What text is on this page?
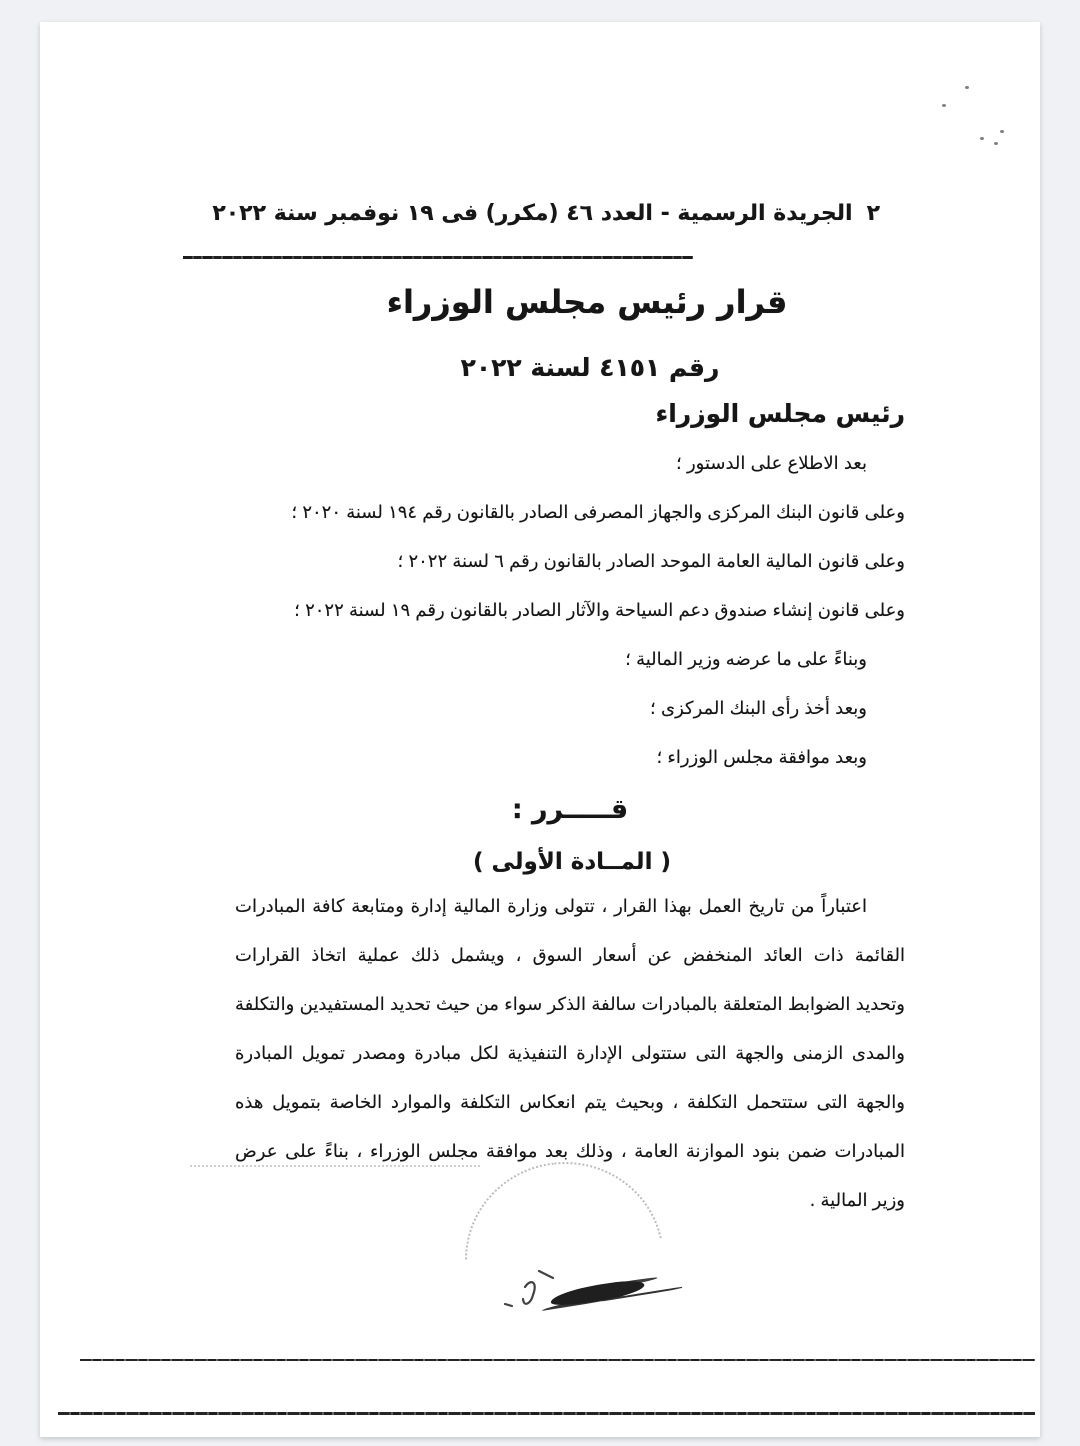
٢
الجريدة الرسمية - العدد ٤٦ (مكرر) فى ١٩ نوفمبر سنة ٢٠٢٢
قرار رئيس مجلس الوزراء
رقم ٤١٥١ لسنة ٢٠٢٢
رئيس مجلس الوزراء
بعد الاطلاع على الدستور ؛
وعلى قانون البنك المركزى والجهاز المصرفى الصادر بالقانون رقم ١٩٤ لسنة ٢٠٢٠ ؛
وعلى قانون المالية العامة الموحد الصادر بالقانون رقم ٦ لسنة ٢٠٢٢ ؛
وعلى قانون إنشاء صندوق دعم السياحة والآثار الصادر بالقانون رقم ١٩ لسنة ٢٠٢٢ ؛
وبناءً على ما عرضه وزير المالية ؛
وبعد أخذ رأى البنك المركزى ؛
وبعد موافقة مجلس الوزراء ؛
قـــــرر :
( المــادة الأولى )
اعتباراً من تاريخ العمل بهذا القرار ، تتولى وزارة المالية إدارة ومتابعة كافة المبادرات
القائمة ذات العائد المنخفض عن أسعار السوق ، ويشمل ذلك عملية اتخاذ القرارات
وتحديد الضوابط المتعلقة بالمبادرات سالفة الذكر سواء من حيث تحديد المستفيدين والتكلفة
والمدى الزمنى والجهة التى ستتولى الإدارة التنفيذية لكل مبادرة ومصدر تمويل المبادرة
والجهة التى ستتحمل التكلفة ، وبحيث يتم انعكاس التكلفة والموارد الخاصة بتمويل هذه
المبادرات ضمن بنود الموازنة العامة ، وذلك بعد موافقة مجلس الوزراء ، بناءً على عرض
وزير المالية .
